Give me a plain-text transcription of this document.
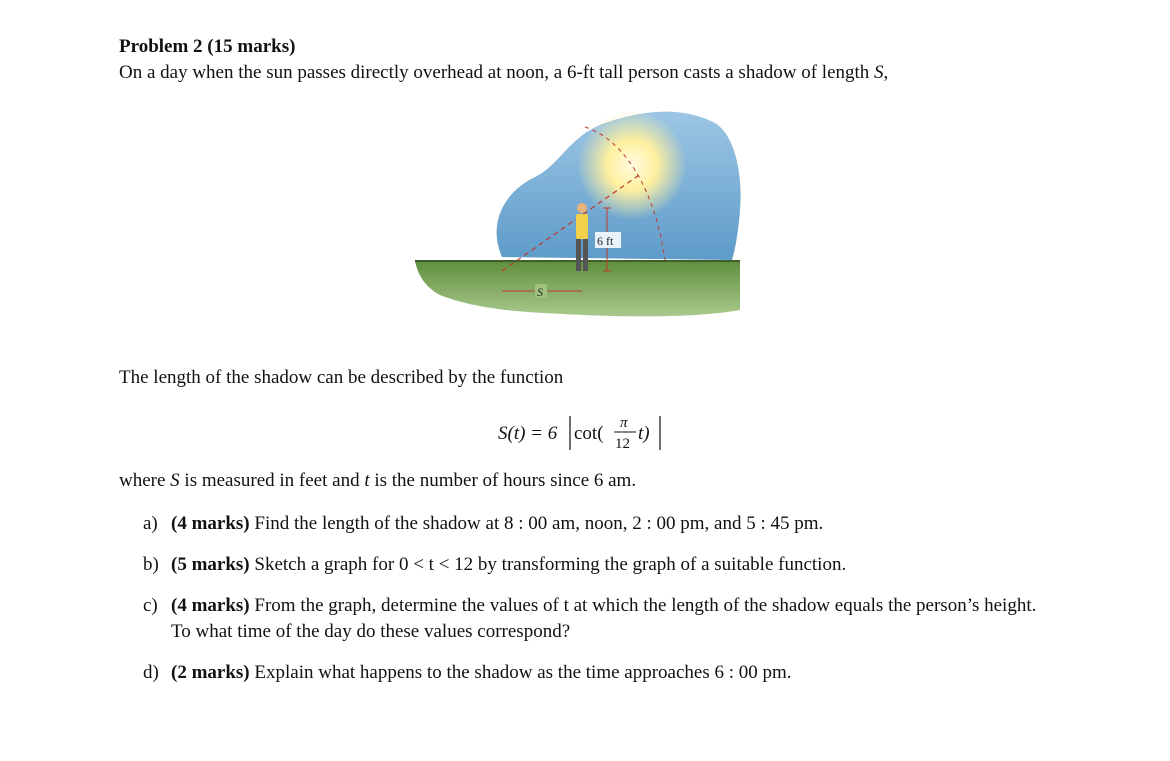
Problem 2 (15 marks)
On a day when the sun passes directly overhead at noon, a 6-ft tall person casts a shadow of length S,
6 ft
S
The length of the shadow can be described by the function
S(t) = 6 cot( π
12 t)
where S is measured in feet and t is the number of hours since 6 am.
a) (4 marks) Find the length of the shadow at 8 : 00 am, noon, 2 : 00 pm, and 5 : 45 pm.
b) (5 marks) Sketch a graph for 0 < t < 12 by transforming the graph of a suitable function.
c) (4 marks) From the graph, determine the values of t at which the length of the shadow equals the person’s height. To what time of the day do these values correspond?
d) (2 marks) Explain what happens to the shadow as the time approaches 6 : 00 pm.
